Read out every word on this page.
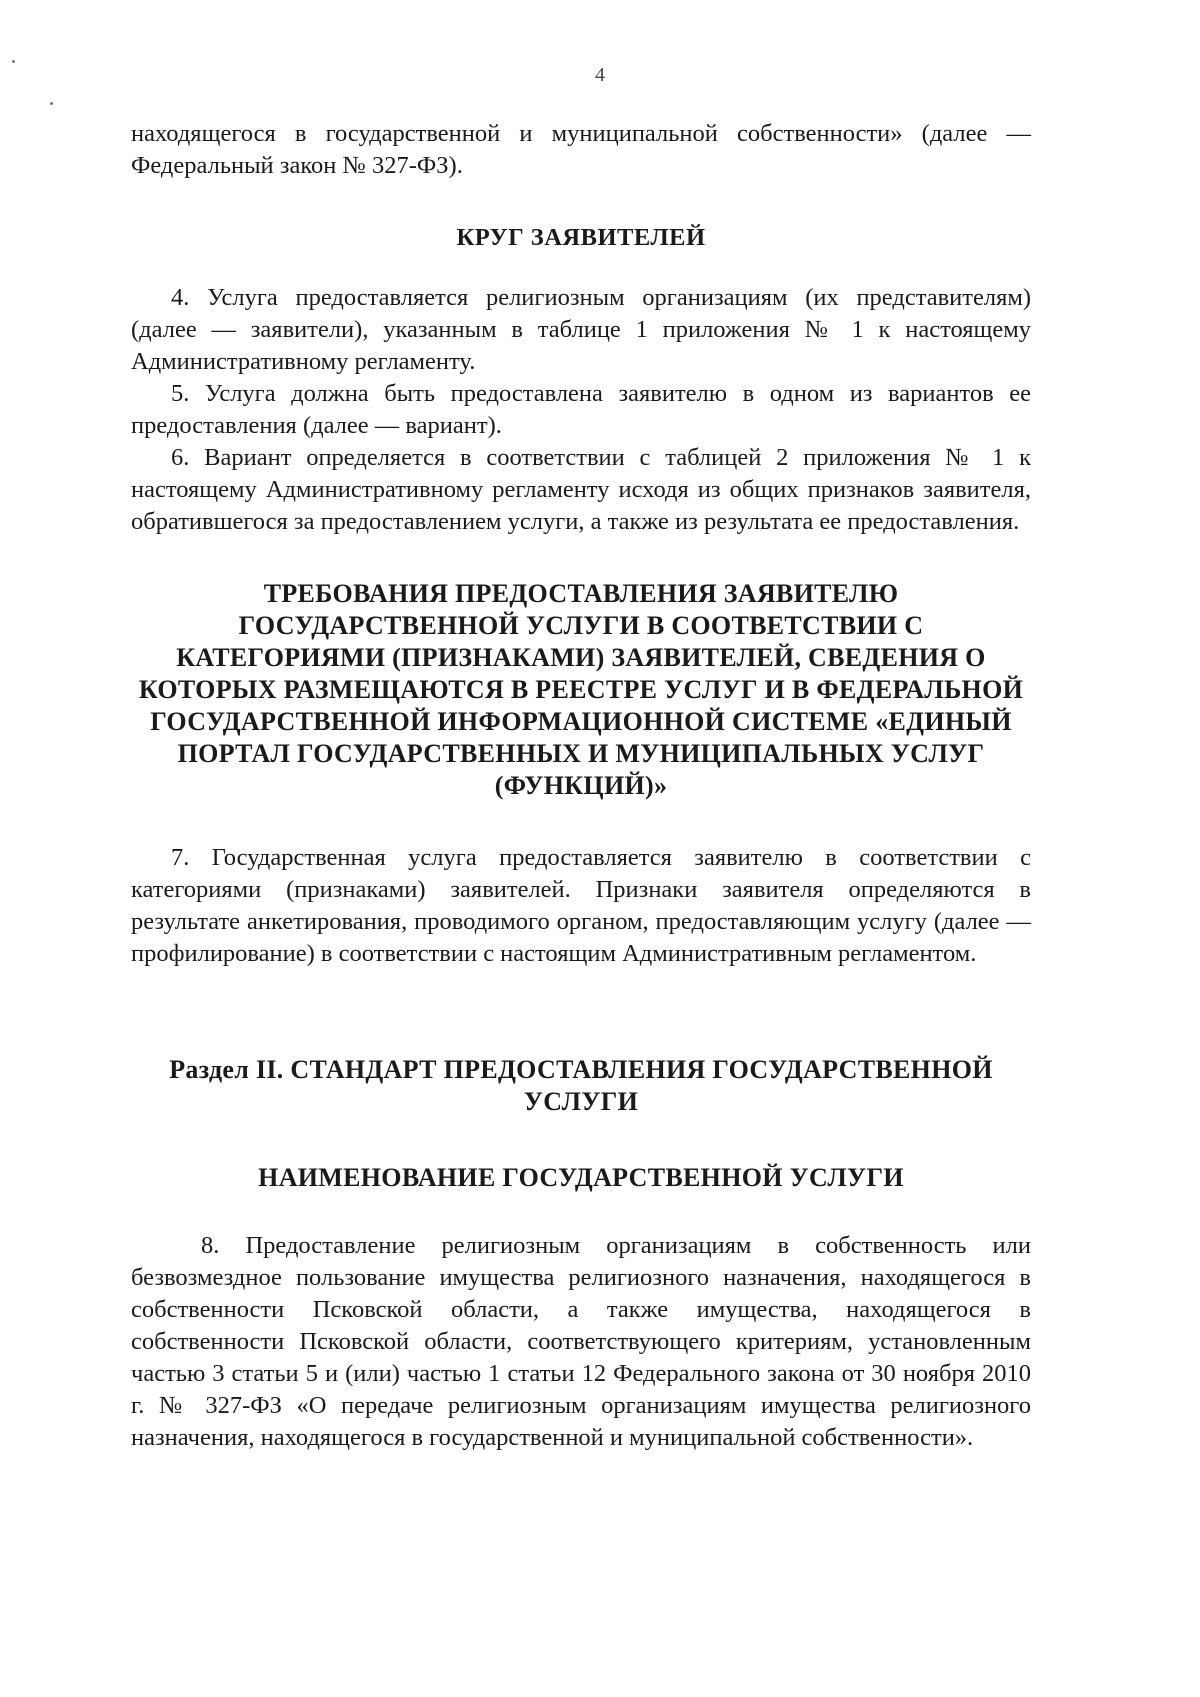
4

находящегося в государственной и муниципальной собственности» (далее — Федеральный закон № 327-ФЗ).

КРУГ ЗАЯВИТЕЛЕЙ

4. Услуга предоставляется религиозным организациям (их представителям) (далее — заявители), указанным в таблице 1 приложения № 1 к настоящему Административному регламенту.

5. Услуга должна быть предоставлена заявителю в одном из вариантов ее предоставления (далее — вариант).

6. Вариант определяется в соответствии с таблицей 2 приложения № 1 к настоящему Административному регламенту исходя из общих признаков заявителя, обратившегося за предоставлением услуги, а также из результата ее предоставления.

ТРЕБОВАНИЯ ПРЕДОСТАВЛЕНИЯ ЗАЯВИТЕЛЮ ГОСУДАРСТВЕННОЙ УСЛУГИ В СООТВЕТСТВИИ С КАТЕГОРИЯМИ (ПРИЗНАКАМИ) ЗАЯВИТЕЛЕЙ, СВЕДЕНИЯ О КОТОРЫХ РАЗМЕЩАЮТСЯ В РЕЕСТРЕ УСЛУГ И В ФЕДЕРАЛЬНОЙ ГОСУДАРСТВЕННОЙ ИНФОРМАЦИОННОЙ СИСТЕМЕ «ЕДИНЫЙ ПОРТАЛ ГОСУДАРСТВЕННЫХ И МУНИЦИПАЛЬНЫХ УСЛУГ (ФУНКЦИЙ)»

7. Государственная услуга предоставляется заявителю в соответствии с категориями (признаками) заявителей. Признаки заявителя определяются в результате анкетирования, проводимого органом, предоставляющим услугу (далее — профилирование) в соответствии с настоящим Административным регламентом.

Раздел II. СТАНДАРТ ПРЕДОСТАВЛЕНИЯ ГОСУДАРСТВЕННОЙ УСЛУГИ
НАИМЕНОВАНИЕ ГОСУДАРСТВЕННОЙ УСЛУГИ

8. Предоставление религиозным организациям в собственность или безвозмездное пользование имущества религиозного назначения, находящегося в собственности Псковской области, а также имущества, находящегося в собственности Псковской области, соответствующего критериям, установленным частью 3 статьи 5 и (или) частью 1 статьи 12 Федерального закона от 30 ноября 2010 г. № 327-ФЗ «О передаче религиозным организациям имущества религиозного назначения, находящегося в государственной и муниципальной собственности».
